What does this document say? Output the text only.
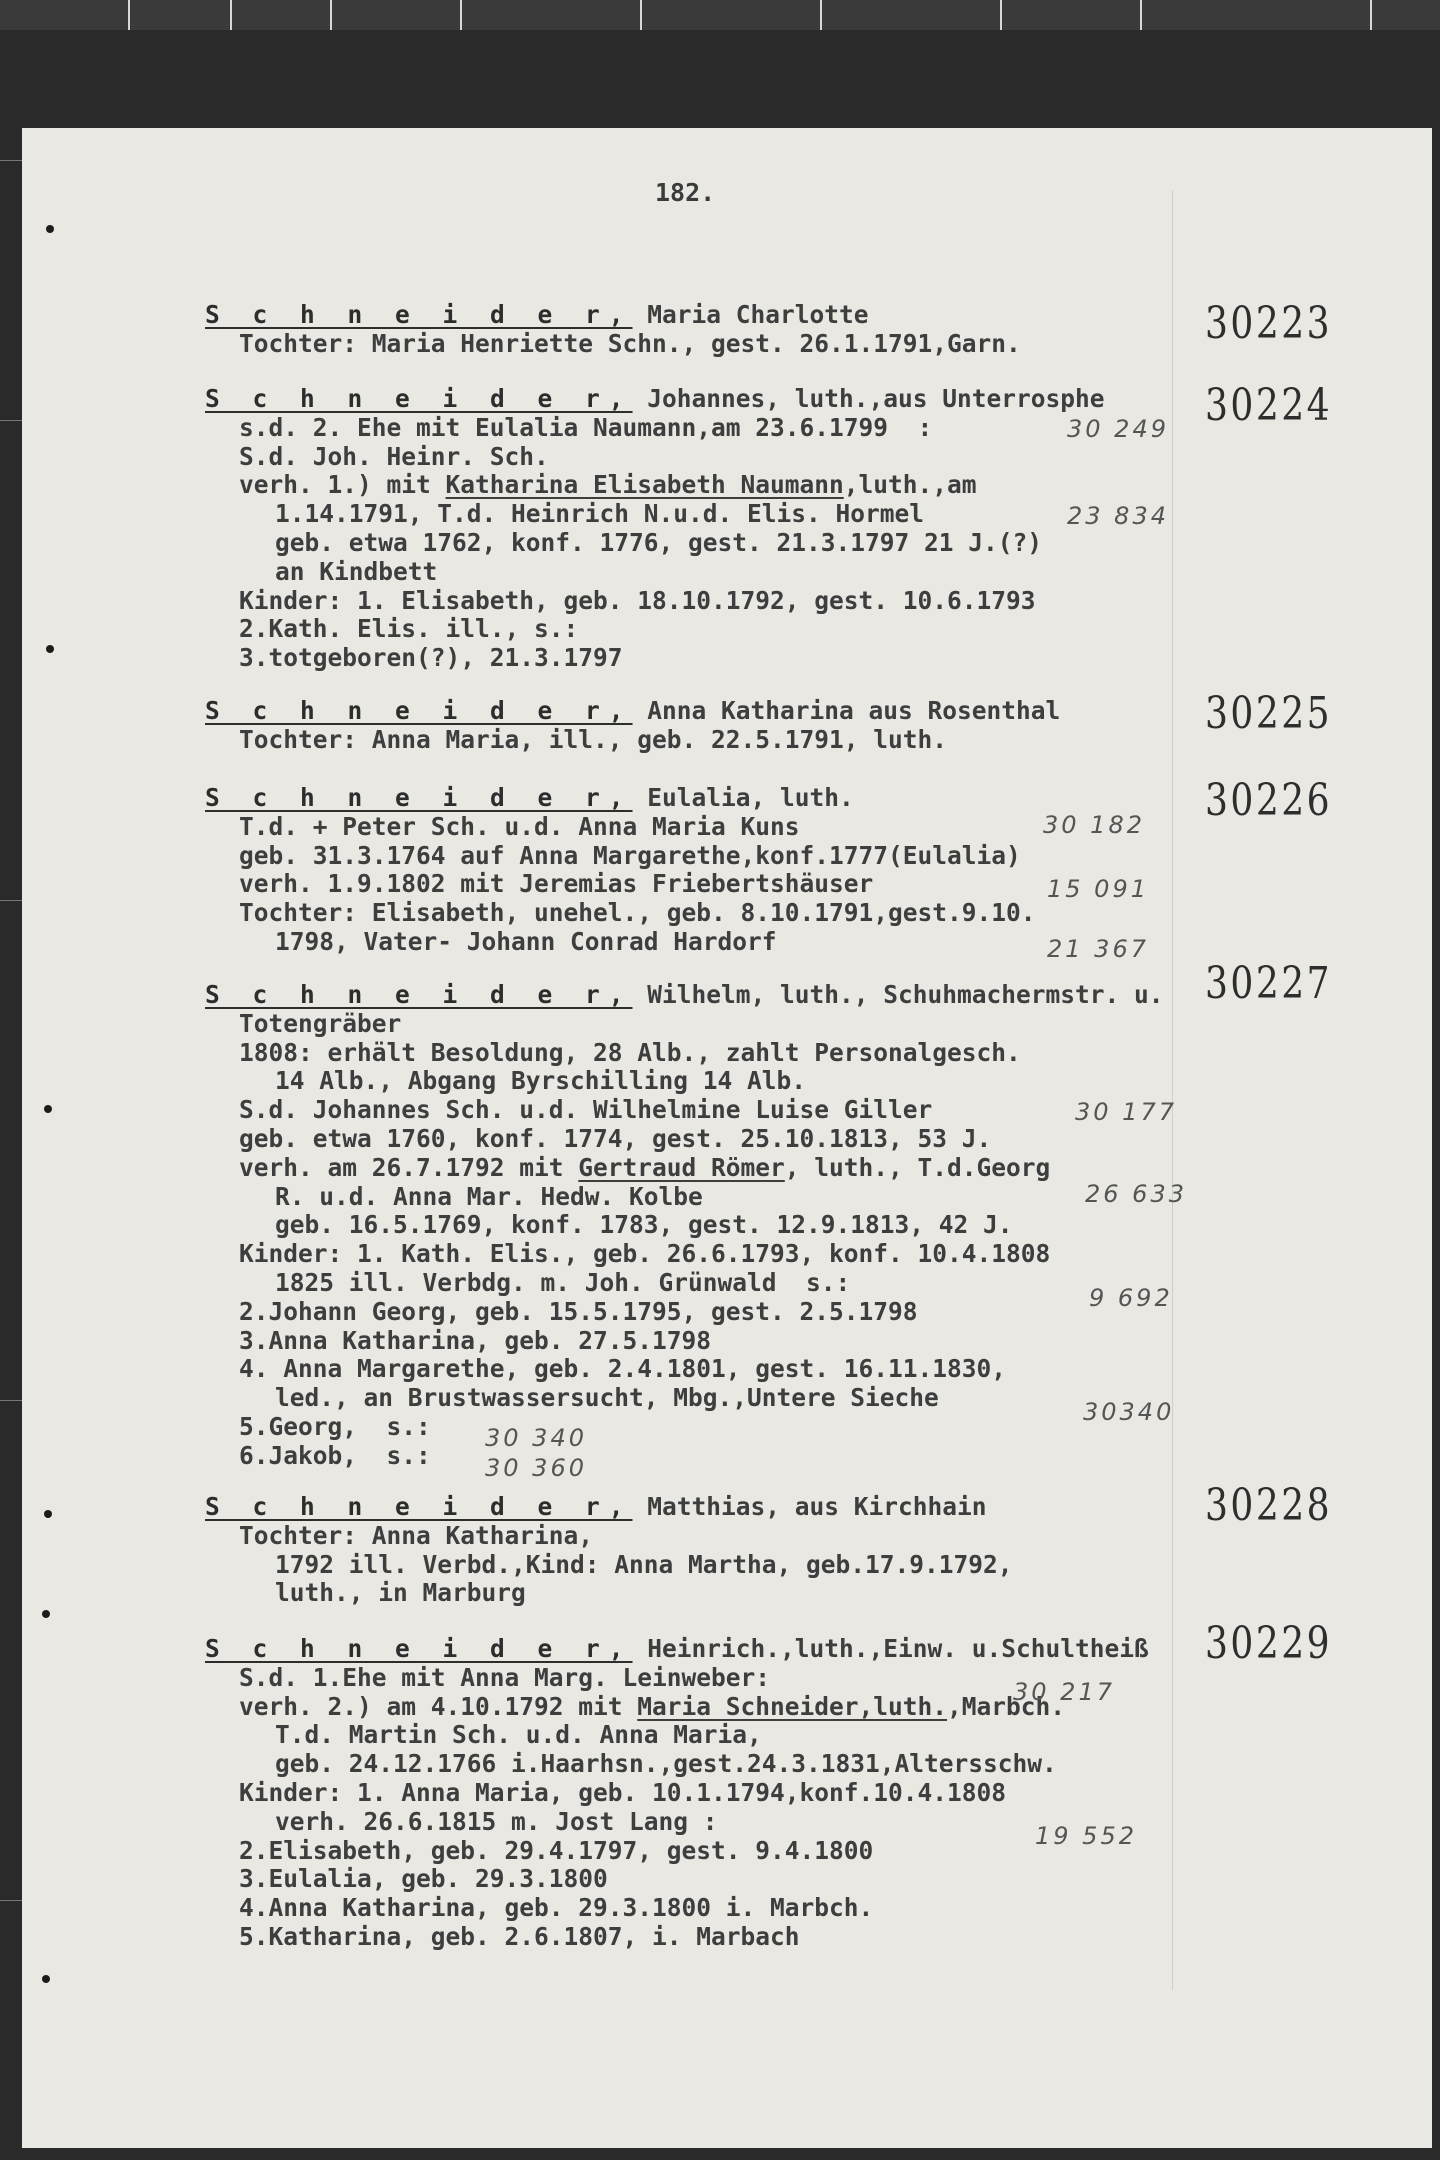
182.
S c h n e i d e r, Maria Charlotte
Tochter: Maria Henriette Schn., gest. 26.1.1791,Garn.	30223
S c h n e i d e r, Johannes, luth.,aus Unterrosphe
s.d. 2. Ehe mit Eulalia Naumann,am 23.6.1799  :
S.d. Joh. Heinr. Sch.
verh. 1.) mit Katharina Elisabeth Naumann,luth.,am
1.14.1791, T.d. Heinrich N.u.d. Elis. Hormel
geb. etwa 1762, konf. 1776, gest. 21.3.1797 21 J.(?)
an Kindbett
Kinder: 1. Elisabeth, geb. 18.10.1792, gest. 10.6.1793
2.Kath. Elis. ill., s.:
3.totgeboren(?), 21.3.1797
30 249
23 834
30224
S c h n e i d e r, Anna Katharina aus Rosenthal
Tochter: Anna Maria, ill., geb. 22.5.1791, luth.
30225
S c h n e i d e r, Eulalia, luth.
T.d. + Peter Sch. u.d. Anna Maria Kuns
geb. 31.3.1764 auf Anna Margarethe,konf.1777(Eulalia)
verh. 1.9.1802 mit Jeremias Friebertshäuser
Tochter: Elisabeth, unehel., geb. 8.10.1791,gest.9.10.
1798, Vater- Johann Conrad Hardorf
30 182
15 091
21 367
30226
S c h n e i d e r, Wilhelm, luth., Schuhmachermstr. u.
Totengräber
1808: erhält Besoldung, 28 Alb., zahlt Personalgesch.
14 Alb., Abgang Byrschilling 14 Alb.
S.d. Johannes Sch. u.d. Wilhelmine Luise Giller
geb. etwa 1760, konf. 1774, gest. 25.10.1813, 53 J.
verh. am 26.7.1792 mit Gertraud Römer, luth., T.d.Georg
R. u.d. Anna Mar. Hedw. Kolbe
geb. 16.5.1769, konf. 1783, gest. 12.9.1813, 42 J.
Kinder: 1. Kath. Elis., geb. 26.6.1793, konf. 10.4.1808
1825 ill. Verbdg. m. Joh. Grünwald  s.:
2.Johann Georg, geb. 15.5.1795, gest. 2.5.1798
3.Anna Katharina, geb. 27.5.1798
4. Anna Margarethe, geb. 2.4.1801, gest. 16.11.1830,
led., an Brustwassersucht, Mbg.,Untere Sieche
5.Georg,  s.:
6.Jakob,  s.:
30 177
26 633
9 692
30340
30 340
30 360
30227
S c h n e i d e r, Matthias, aus Kirchhain
Tochter: Anna Katharina,
1792 ill. Verbd.,Kind: Anna Martha, geb.17.9.1792,
luth., in Marburg
30228
S c h n e i d e r, Heinrich.,luth.,Einw. u.Schultheiß
S.d. 1.Ehe mit Anna Marg. Leinweber:
verh. 2.) am 4.10.1792 mit Maria Schneider,luth.,Marbch.
T.d. Martin Sch. u.d. Anna Maria,
geb. 24.12.1766 i.Haarhsn.,gest.24.3.1831,Altersschw.
Kinder: 1. Anna Maria, geb. 10.1.1794,konf.10.4.1808
verh. 26.6.1815 m. Jost Lang :
2.Elisabeth, geb. 29.4.1797, gest. 9.4.1800
3.Eulalia, geb. 29.3.1800
4.Anna Katharina, geb. 29.3.1800 i. Marbch.
5.Katharina, geb. 2.6.1807, i. Marbach
30 217
19 552
30229
